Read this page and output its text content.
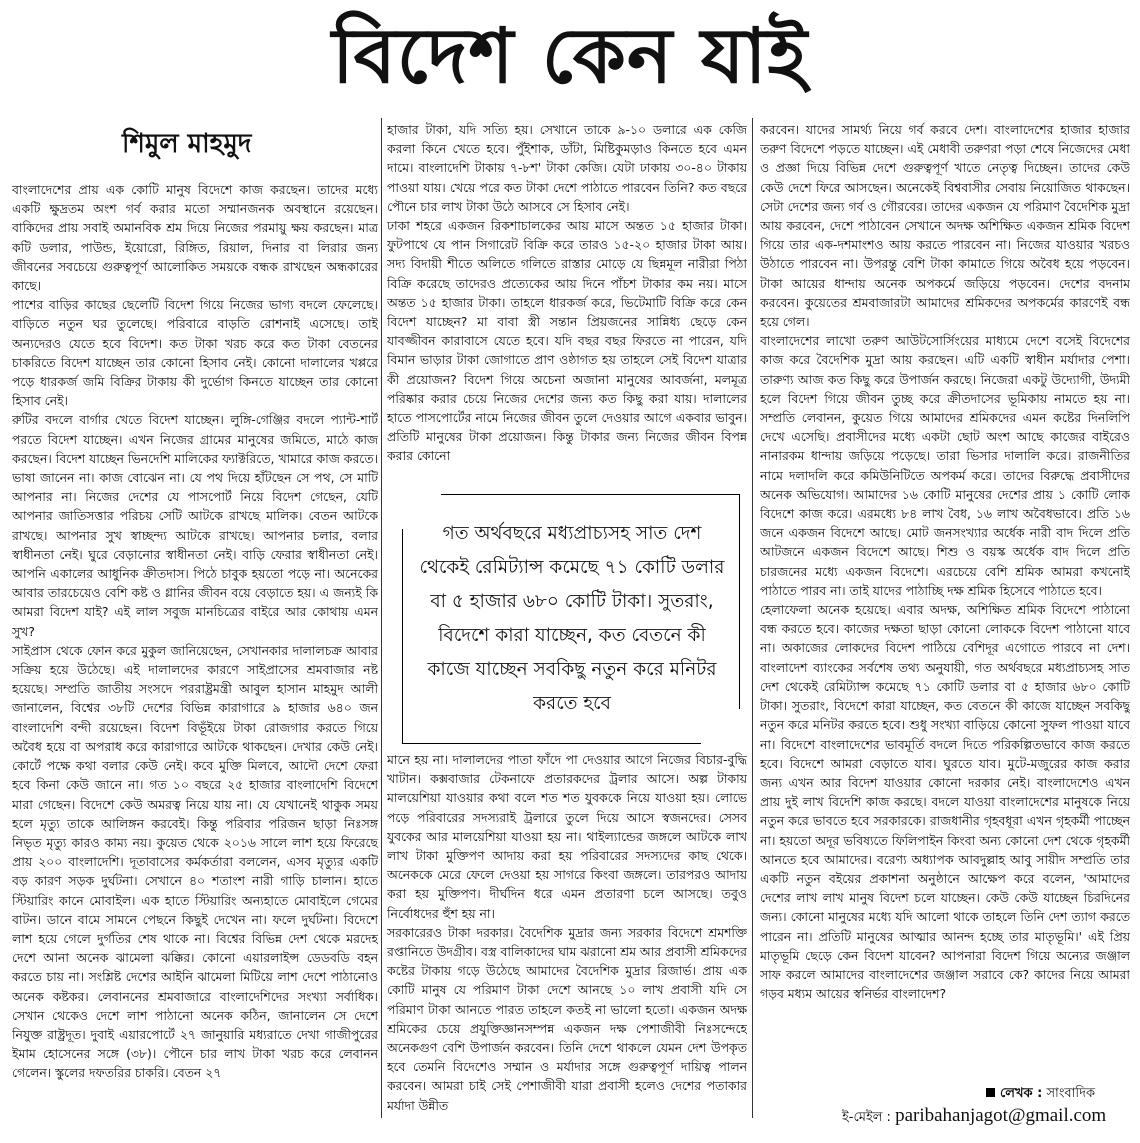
বিদেশ কেন যাই
শিমুল মাহমুদ

বাংলাদেশের প্রায় এক কোটি মানুষ বিদেশে কাজ করছেন। তাদের মধ্যে একটি ক্ষুদ্রতম অংশ গর্ব করার মতো সম্মানজনক অবস্থানে রয়েছেন। বাকিদের প্রায় সবাই অমানবিক শ্রম দিয়ে নিজের পরমায়ু ক্ষয় করছেন। মাত্র কটি ডলার, পাউন্ড, ইয়োরো, রিঙ্গিত, রিয়াল, দিনার বা লিরার জন্য জীবনের সবচেয়ে গুরুত্বপূর্ণ আলোকিত সময়কে বন্ধক রাখছেন অন্ধকারের কাছে।

পাশের বাড়ির কাছের ছেলেটি বিদেশ গিয়ে নিজের ভাগ্য বদলে ফেলেছে। বাড়িতে নতুন ঘর তুলেছে। পরিবারে বাড়তি রোশনাই এসেছে। তাই অন্যদেরও যেতে হবে বিদেশ। কত টাকা খরচ করে কত টাকা বেতনের চাকরিতে বিদেশ যাচ্ছেন তার কোনো হিসাব নেই। কোনো দালালের খপ্পরে পড়ে ধারকর্জ জমি বিক্রির টাকায় কী দুর্ভোগ কিনতে যাচ্ছেন তার কোনো হিসাব নেই।

রুটির বদলে বার্গার খেতে বিদেশ যাচ্ছেন। লুঙ্গি-গেঞ্জির বদলে প্যান্ট-শার্ট পরতে বিদেশ যাচ্ছেন। এখন নিজের গ্রামের মানুষের জমিতে, মাঠে কাজ করছেন। বিদেশ যাচ্ছেন ভিনদেশি মালিকের ফ্যাক্টরিতে, খামারে কাজ করতে। ভাষা জানেন না। কাজ বোঝেন না। যে পথ দিয়ে হাঁটছেন সে পথ, সে মাটি আপনার না। নিজের দেশের যে পাসপোর্ট নিয়ে বিদেশ গেছেন, যেটি আপনার জাতিসত্তার পরিচয় সেটি আটকে রাখছে মালিক। বেতন আটকে রাখছে। আপনার সুখ স্বাচ্ছন্দ্য আটকে রাখছে। আপনার চলার, বলার স্বাধীনতা নেই। ঘুরে বেড়ানোর স্বাধীনতা নেই। বাড়ি ফেরার স্বাধীনতা নেই। আপনি একালের আধুনিক ক্রীতদাস। পিঠে চাবুক হয়তো পড়ে না। অনেকের আবার তারচেয়েও বেশি কষ্ট ও গ্লানির জীবন বয়ে বেড়াতে হয়। এ জন্যই কি আমরা বিদেশ যাই? এই লাল সবুজ মানচিত্রের বাইরে আর কোথায় এমন সুখ?

সাইপ্রাস থেকে ফোন করে মুকুল জানিয়েছেন, সেখানকার দালালচক্র আবার সক্রিয় হয়ে উঠেছে। এই দালালদের কারণে সাইপ্রাসের শ্রমবাজার নষ্ট হয়েছে। সম্প্রতি জাতীয় সংসদে পররাষ্ট্রমন্ত্রী আবুল হাসান মাহমুদ আলী জানালেন, বিশ্বের ৩৮টি দেশের বিভিন্ন কারাগারে ৯ হাজার ৬৪০ জন বাংলাদেশি বন্দী রয়েছেন। বিদেশ বিভূঁইয়ে টাকা রোজগার করতে গিয়ে অবৈধ হয়ে বা অপরাধ করে কারাগারে আটকে থাকছেন। দেখার কেউ নেই। কোর্টে পক্ষে কথা বলার কেউ নেই। কবে মুক্তি মিলবে, আদৌ দেশে ফেরা হবে কিনা কেউ জানে না। গত ১০ বছরে ২৫ হাজার বাংলাদেশি বিদেশে মারা গেছেন। বিদেশে কেউ অমরত্ব নিয়ে যায় না। যে যেখানেই থাকুক সময় হলে মৃত্যু তাকে আলিঙ্গন করবেই। কিন্তু পরিবার পরিজন ছাড়া নিঃসঙ্গ নিভৃত মৃত্যু কারও কাম্য নয়। কুয়েত থেকে ২০১৬ সালে লাশ হয়ে ফিরেছে প্রায় ২০০ বাংলাদেশি। দূতাবাসের কর্মকর্তারা বললেন, এসব মৃত্যুর একটি বড় কারণ সড়ক দুর্ঘটনা। সেখানে ৪০ শতাংশ নারী গাড়ি চালান। হাতে স্টিয়ারিং কানে মোবাইল। এক হাতে স্টিয়ারিং অন্যহাতে মোবাইলে গেমের বাটন। ডানে বামে সামনে পেছনে কিছুই দেখেন না। ফলে দুর্ঘটনা। বিদেশে লাশ হয়ে গেলে দুর্গতির শেষ থাকে না। বিশ্বের বিভিন্ন দেশ থেকে মরদেহ দেশে আনা অনেক ঝামেলা ঝক্কির। কোনো এয়ারলাইন্স ডেডবডি বহন করতে চায় না। সংশ্লিষ্ট দেশের আইনি ঝামেলা মিটিয়ে লাশ দেশে পাঠানোও অনেক কষ্টকর। লেবাননের শ্রমবাজারে বাংলাদেশিদের সংখ্যা সর্বাধিক। সেখান থেকেও দেশে লাশ পাঠানো অনেক কঠিন, জানালেন সে দেশে নিযুক্ত রাষ্ট্রদূত। দুবাই এয়ারপোর্টে ২৭ জানুয়ারি মধ্যরাতে দেখা গাজীপুরের ইমাম হোসেনের সঙ্গে (৩৮)। পৌনে চার লাখ টাকা খরচ করে লেবানন গেলেন। স্কুলের দফতরির চাকরি। বেতন ২৭

হাজার টাকা, যদি সত্যি হয়। সেখানে তাকে ৯-১০ ডলারে এক কেজি করলা কিনে খেতে হবে। পুঁইশাক, ডাঁটা, মিষ্টিকুমড়াও কিনতে হবে এমন দামে। বাংলাদেশি টাকায় ৭-৮শ' টাকা কেজি। যেটা ঢাকায় ৩০-৪০ টাকায় পাওয়া যায়। খেয়ে পরে কত টাকা দেশে পাঠাতে পারবেন তিনি? কত বছরে পৌনে চার লাখ টাকা উঠে আসবে সে হিসাব নেই।

ঢাকা শহরে একজন রিকশাচালকের আয় মাসে অন্তত ১৫ হাজার টাকা। ফুটপাথে যে পান সিগারেট বিক্রি করে তারও ১৫-২০ হাজার টাকা আয়। সদ্য বিদায়ী শীতে অলিতে গলিতে রাস্তার মোড়ে যে ছিন্নমূল নারীরা পিঠা বিক্রি করেছে তাদেরও প্রত্যেকের আয় দিনে পাঁচশ টাকার কম নয়। মাসে অন্তত ১৫ হাজার টাকা। তাহলে ধারকর্জ করে, ভিটেমাটি বিক্রি করে কেন বিদেশ যাচ্ছেন? মা বাবা স্ত্রী সন্তান প্রিয়জনের সান্নিধ্য ছেড়ে কেন যাবজ্জীবন কারাবাসে যেতে হবে। যদি বছর বছর ফিরতে না পারেন, যদি বিমান ভাড়ার টাকা জোগাতে প্রাণ ওষ্ঠাগত হয় তাহলে সেই বিদেশ যাত্রার কী প্রয়োজন? বিদেশ গিয়ে অচেনা অজানা মানুষের আবর্জনা, মলমূত্র পরিষ্কার করার চেয়ে নিজের দেশের জন্য কত কিছু করা যায়। দালালের হাতে পাসপোর্টের নামে নিজের জীবন তুলে দেওয়ার আগে একবার ভাবুন। প্রতিটি মানুষের টাকা প্রয়োজন। কিন্তু টাকার জন্য নিজের জীবন বিপন্ন করার কোনো

গত অর্থবছরে মধ্যপ্রাচ্যসহ সাত দেশ থেকেই রেমিট্যান্স কমেছে ৭১ কোটি ডলার বা ৫ হাজার ৬৮০ কোটি টাকা। সুতরাং, বিদেশে কারা যাচ্ছেন, কত বেতনে কী কাজে যাচ্ছেন সবকিছু নতুন করে মনিটর করতে হবে

মানে হয় না। দালালদের পাতা ফাঁদে পা দেওয়ার আগে নিজের বিচার-বুদ্ধি খাটান। কক্সবাজার টেকনাফে প্রতারকদের ট্রলার আসে। অল্প টাকায় মালয়েশিয়া যাওয়ার কথা বলে শত শত যুবককে নিয়ে যাওয়া হয়। লোভে পড়ে পরিবারের সদস্যরাই ট্রলারে তুলে দিয়ে আসে স্বজনদের। সেসব যুবকের আর মালয়েশিয়া যাওয়া হয় না। থাইল্যান্ডের জঙ্গলে আটকে লাখ লাখ টাকা মুক্তিপণ আদায় করা হয় পরিবারের সদস্যদের কাছ থেকে। অনেককে মেরে ফেলে দেওয়া হয় সাগরে কিংবা জঙ্গলে। তারপরও আদায় করা হয় মুক্তিপণ। দীর্ঘদিন ধরে এমন প্রতারণা চলে আসছে। তবুও নির্বোধদের হুঁশ হয় না।

সরকারেরও টাকা দরকার। বৈদেশিক মুদ্রার জন্য সরকার বিদেশে শ্রমশক্তি রপ্তানিতে উদগ্রীব। বস্ত্র বালিকাদের ঘাম ঝরানো শ্রম আর প্রবাসী শ্রমিকদের কষ্টের টাকায় গড়ে উঠেছে আমাদের বৈদেশিক মুদ্রার রিজার্ভ। প্রায় এক কোটি মানুষ যে পরিমাণ টাকা দেশে আনছে ১০ লাখ প্রবাসী যদি সে পরিমাণ টাকা আনতে পারত তাহলে কতই না ভালো হতো। একজন অদক্ষ শ্রমিকের চেয়ে প্রযুক্তিজ্ঞানসম্পন্ন একজন দক্ষ পেশাজীবী নিঃসন্দেহে অনেকগুণ বেশি উপার্জন করবেন। তিনি দেশে থাকলে যেমন দেশ উপকৃত হবে তেমনি বিদেশেও সম্মান ও মর্যাদার সঙ্গে গুরুত্বপূর্ণ দায়িত্ব পালন করবেন। আমরা চাই সেই পেশাজীবী যারা প্রবাসী হলেও দেশের পতাকার মর্যাদা উন্নীত

করবেন। যাদের সামর্থ্য নিয়ে গর্ব করবে দেশ। বাংলাদেশের হাজার হাজার তরুণ বিদেশে পড়তে যাচ্ছেন। এই মেধাবী তরুণরা পড়া শেষে নিজেদের মেধা ও প্রজ্ঞা দিয়ে বিভিন্ন দেশে গুরুত্বপূর্ণ খাতে নেতৃত্ব দিচ্ছেন। তাদের কেউ কেউ দেশে ফিরে আসছেন। অনেকেই বিশ্ববাসীর সেবায় নিয়োজিত থাকছেন। সেটা দেশের জন্য গর্ব ও গৌরবের। তাদের একজন যে পরিমাণ বৈদেশিক মুদ্রা আয় করবেন, দেশে পাঠাবেন সেখানে অদক্ষ অশিক্ষিত একজন শ্রমিক বিদেশ গিয়ে তার এক-দশমাংশও আয় করতে পারবেন না। নিজের যাওয়ার খরচও উঠাতে পারবেন না। উপরন্তু বেশি টাকা কামাতে গিয়ে অবৈধ হয়ে পড়বেন। টাকা আয়ের ধান্দায় অনেক অপকর্মে জড়িয়ে পড়বেন। দেশের বদনাম করবেন। কুয়েতের শ্রমবাজারটা আমাদের শ্রমিকদের অপকর্মের কারণেই বন্ধ হয়ে গেল।

বাংলাদেশের লাখো তরুণ আউটসোর্সিংয়ের মাধ্যমে দেশে বসেই বিদেশের কাজ করে বৈদেশিক মুদ্রা আয় করছেন। এটি একটি স্বাধীন মর্যাদার পেশা। তারুণ্য আজ কত কিছু করে উপার্জন করছে। নিজেরা একটু উদ্যোগী, উদ্যমী হলে বিদেশ গিয়ে জীবন তুচ্ছ করে ক্রীতদাসের ভূমিকায় নামতে হয় না। সম্প্রতি লেবানন, কুয়েত গিয়ে আমাদের শ্রমিকদের এমন কষ্টের দিনলিপি দেখে এসেছি। প্রবাসীদের মধ্যে একটা ছোট অংশ আছে কাজের বাইরেও নানারকম ধান্দায় জড়িয়ে পড়েছে। তারা ভিসার দালালি করে। রাজনীতির নামে দলাদলি করে কমিউনিটিতে অপকর্ম করে। তাদের বিরুদ্ধে প্রবাসীদের অনেক অভিযোগ। আমাদের ১৬ কোটি মানুষের দেশের প্রায় ১ কোটি লোক বিদেশে কাজ করে। এরমধ্যে ৮৪ লাখ বৈধ, ১৬ লাখ অবৈধভাবে। প্রতি ১৬ জনে একজন বিদেশে আছে। মোট জনসংখ্যার অর্ধেক নারী বাদ দিলে প্রতি আটজনে একজন বিদেশে আছে। শিশু ও বয়স্ক অর্ধেক বাদ দিলে প্রতি চারজনের মধ্যে একজন বিদেশে। এরচেয়ে বেশি শ্রমিক আমরা কখনোই পাঠাতে পারব না। তাই যাদের পাঠাচ্ছি দক্ষ শ্রমিক হিসেবে পাঠাতে হবে।

হেলাফেলা অনেক হয়েছে। এবার অদক্ষ, অশিক্ষিত শ্রমিক বিদেশে পাঠানো বন্ধ করতে হবে। কাজের দক্ষতা ছাড়া কোনো লোককে বিদেশ পাঠানো যাবে না। অকাজের লোকদের বিদেশ পাঠিয়ে বেশিদূর এগোতে পারবে না দেশ। বাংলাদেশ ব্যাংকের সর্বশেষ তথ্য অনুযায়ী, গত অর্থবছরে মধ্যপ্রাচ্যসহ সাত দেশ থেকেই রেমিট্যান্স কমেছে ৭১ কোটি ডলার বা ৫ হাজার ৬৮০ কোটি টাকা। সুতরাং, বিদেশে কারা যাচ্ছেন, কত বেতনে কী কাজে যাচ্ছেন সবকিছু নতুন করে মনিটর করতে হবে। শুধু সংখ্যা বাড়িয়ে কোনো সুফল পাওয়া যাবে না। বিদেশে বাংলাদেশের ভাবমূর্তি বদলে দিতে পরিকল্পিতভাবে কাজ করতে হবে। বিদেশে আমরা বেড়াতে যাব। ঘুরতে যাব। মুটে-মজুরের কাজ করার জন্য এখন আর বিদেশ যাওয়ার কোনো দরকার নেই। বাংলাদেশেও এখন প্রায় দুই লাখ বিদেশি কাজ করছে। বদলে যাওয়া বাংলাদেশের মানুষকে নিয়ে নতুন করে ভাবতে হবে সরকারকে। রাজধানীর গৃহবধূরা এখন গৃহকর্মী পাচ্ছেন না। হয়তো অদূর ভবিষ্যতে ফিলিপাইন কিংবা অন্য কোনো দেশ থেকে গৃহকর্মী আনতে হবে আমাদের। বরেণ্য অধ্যাপক আবদুল্লাহ আবু সায়ীদ সম্প্রতি তার একটি নতুন বইয়ের প্রকাশনা অনুষ্ঠানে আক্ষেপ করে বলেন, 'আমাদের দেশের লাখ লাখ মানুষ বিদেশ চলে যাচ্ছেন। কেউ কেউ যাচ্ছেন চিরদিনের জন্য। কোনো মানুষের মধ্যে যদি আলো থাকে তাহলে তিনি দেশ ত্যাগ করতে পারেন না। প্রতিটি মানুষের আত্মার আনন্দ হচ্ছে তার মাতৃভূমি।' এই প্রিয় মাতৃভূমি ছেড়ে কেন বিদেশ যাবেন? আপনারা বিদেশ গিয়ে অন্যের জঞ্জাল সাফ করলে আমাদের বাংলাদেশের জঞ্জাল সরাবে কে? কাদের নিয়ে আমরা গড়ব মধ্যম আয়ের স্বনির্ভর বাংলাদেশ?

লেখক : সাংবাদিক
ই-মেইল : paribahanjagot@gmail.com
